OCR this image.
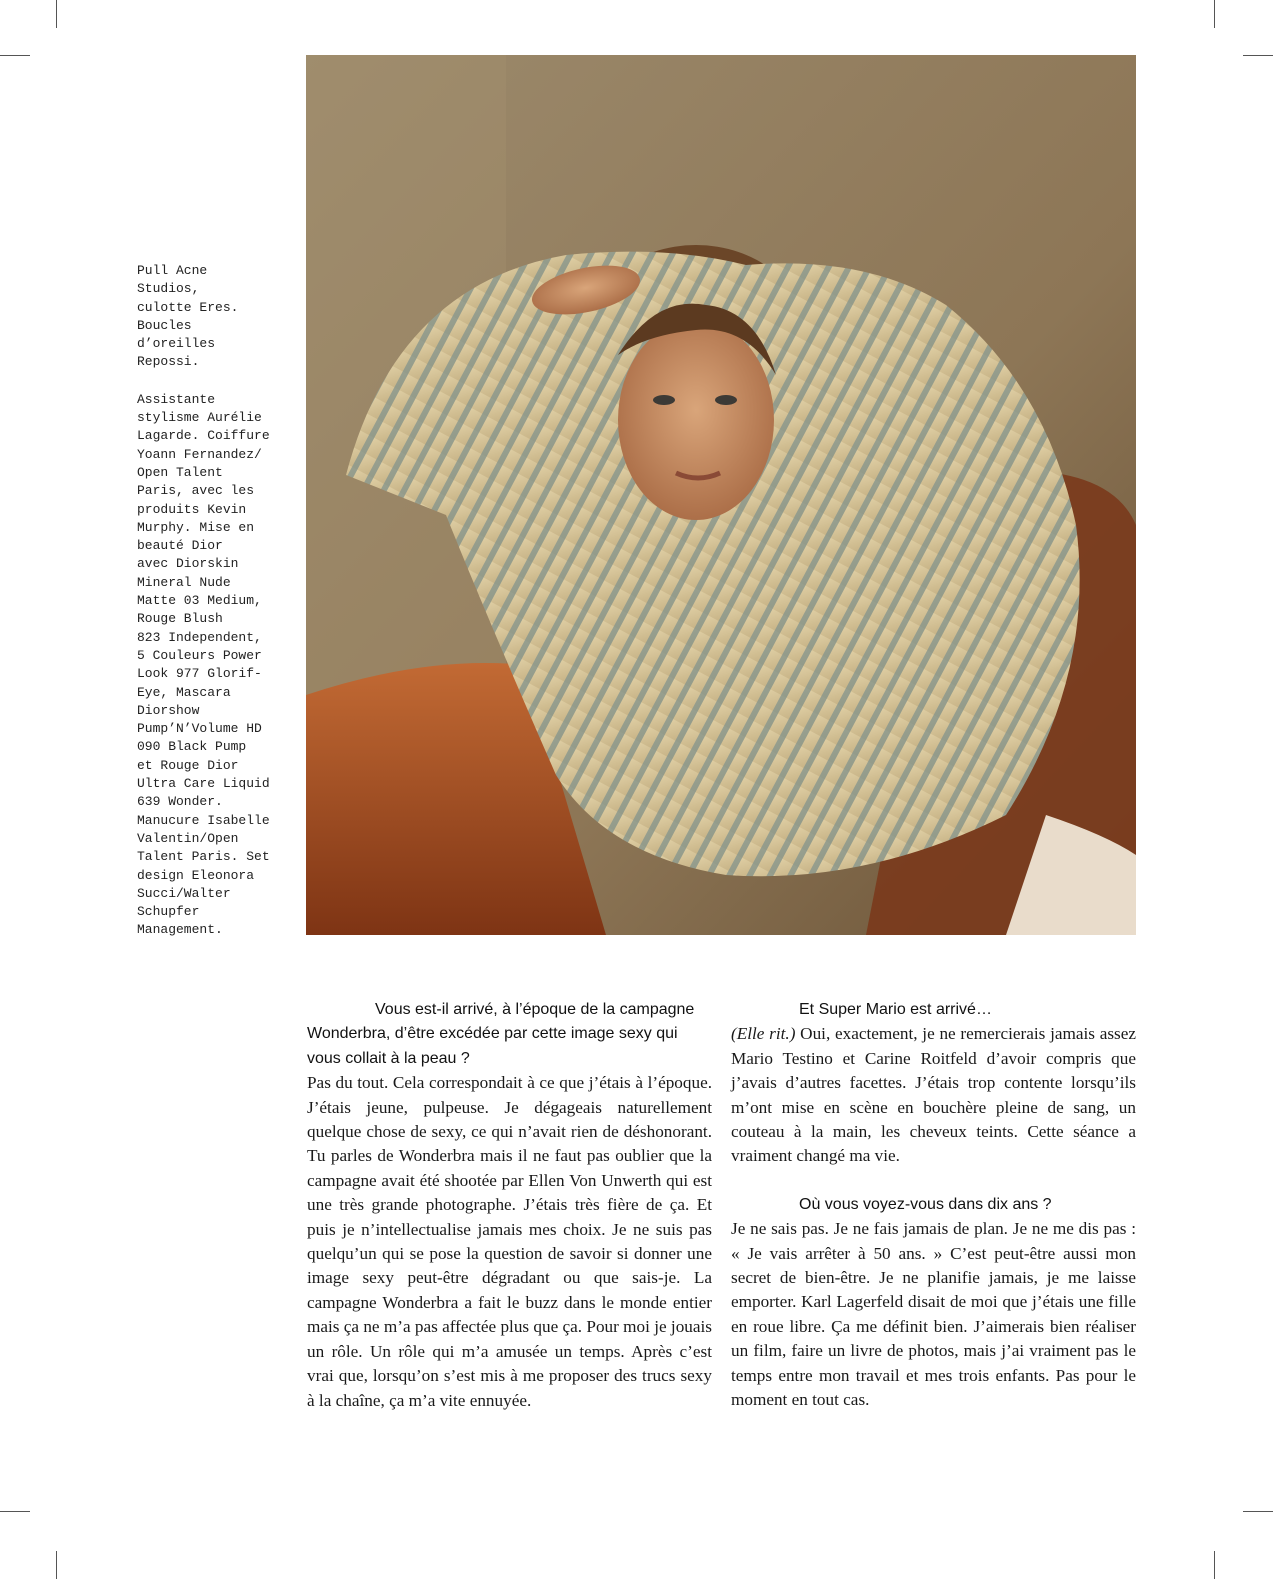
Pull Acne
Studios,
culotte Eres.
Boucles
d’oreilles
Repossi.

Assistante
stylisme Aurélie
Lagarde. Coiffure
Yoann Fernandez/
Open Talent
Paris, avec les
produits Kevin
Murphy. Mise en
beauté Dior
avec Diorskin
Mineral Nude
Matte 03 Medium,
Rouge Blush
823 Independent,
5 Couleurs Power
Look 977 Glorif-
Eye, Mascara
Diorshow
Pump’N’Volume HD
090 Black Pump
et Rouge Dior
Ultra Care Liquid
639 Wonder.
Manucure Isabelle
Valentin/Open
Talent Paris. Set
design Eleonora
Succi/Walter
Schupfer
Management.

Vous est-il arrivé, à l’époque de la campagne Wonderbra, d’être excédée par cette image sexy qui vous collait à la peau ?

Pas du tout. Cela correspondait à ce que j’étais à l’époque. J’étais jeune, pulpeuse. Je dégageais naturellement quelque chose de sexy, ce qui n’avait rien de déshonorant. Tu parles de Wonderbra mais il ne faut pas oublier que la campagne avait été shootée par Ellen Von Unwerth qui est une très grande photographe. J’étais très fière de ça. Et puis je n’intellectualise jamais mes choix. Je ne suis pas quelqu’un qui se pose la question de savoir si donner une image sexy peut-être dégradant ou que sais-je. La campagne Wonderbra a fait le buzz dans le monde entier mais ça ne m’a pas affectée plus que ça. Pour moi je jouais un rôle. Un rôle qui m’a amusée un temps. Après c’est vrai que, lorsqu’on s’est mis à me proposer des trucs sexy à la chaîne, ça m’a vite ennuyée.

Et Super Mario est arrivé…

(Elle rit.) Oui, exactement, je ne remercierais jamais assez Mario Testino et Carine Roitfeld d’avoir compris que j’avais d’autres facettes. J’étais trop contente lorsqu’ils m’ont mise en scène en bouchère pleine de sang, un couteau à la main, les cheveux teints. Cette séance a vraiment changé ma vie.

Où vous voyez-vous dans dix ans ?

Je ne sais pas. Je ne fais jamais de plan. Je ne me dis pas : « Je vais arrêter à 50 ans. » C’est peut-être aussi mon secret de bien-être. Je ne planifie jamais, je me laisse emporter. Karl Lagerfeld disait de moi que j’étais une fille en roue libre. Ça me définit bien. J’aimerais bien réaliser un film, faire un livre de photos, mais j’ai vraiment pas le temps entre mon travail et mes trois enfants. Pas pour le moment en tout cas.
